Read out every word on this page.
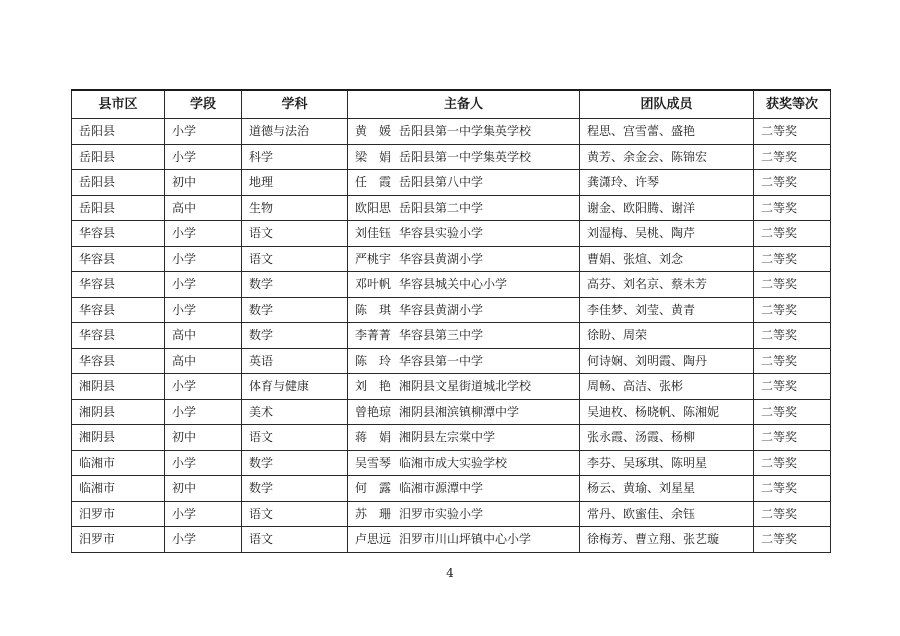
县市区	学段	学科	主备人	团队成员	获奖等次
岳阳县	小学	道德与法治	黄　媛 岳阳县第一中学集英学校	程思、宫雪蕾、盛艳	二等奖
岳阳县	小学	科学	梁　娟 岳阳县第一中学集英学校	黄芳、余金会、陈锦宏	二等奖
岳阳县	初中	地理	任　霞 岳阳县第八中学	龚潇玲、许琴	二等奖
岳阳县	高中	生物	欧阳思 岳阳县第二中学	谢金、欧阳腾、谢洋	二等奖
华容县	小学	语文	刘佳钰 华容县实验小学	刘湿梅、吴桃、陶芹	二等奖
华容县	小学	语文	严桃宇 华容县黄湖小学	曹娟、张煊、刘念	二等奖
华容县	小学	数学	邓叶帆 华容县城关中心小学	高芬、刘名京、蔡未芳	二等奖
华容县	小学	数学	陈　琪 华容县黄湖小学	李佳梦、刘莹、黄青	二等奖
华容县	高中	数学	李菁菁 华容县第三中学	徐盼、周荣	二等奖
华容县	高中	英语	陈　玲 华容县第一中学	何诗娴、刘明霞、陶丹	二等奖
湘阴县	小学	体育与健康	刘　艳 湘阴县文星街道城北学校	周畅、高洁、张彬	二等奖
湘阴县	小学	美术	曾艳琼 湘阴县湘滨镇柳潭中学	吴迪枚、杨晓帆、陈湘妮	二等奖
湘阴县	初中	语文	蒋　娟 湘阴县左宗棠中学	张永霞、汤霞、杨柳	二等奖
临湘市	小学	数学	吴雪琴 临湘市成大实验学校	李芬、吴琢琪、陈明星	二等奖
临湘市	初中	数学	何　露 临湘市源潭中学	杨云、黄瑜、刘星星	二等奖
汨罗市	小学	语文	苏　珊 汨罗市实验小学	常丹、欧蜜佳、余钰	二等奖
汨罗市	小学	语文	卢思远 汨罗市川山坪镇中心小学	徐梅芳、曹立翔、张艺璇	二等奖
4
